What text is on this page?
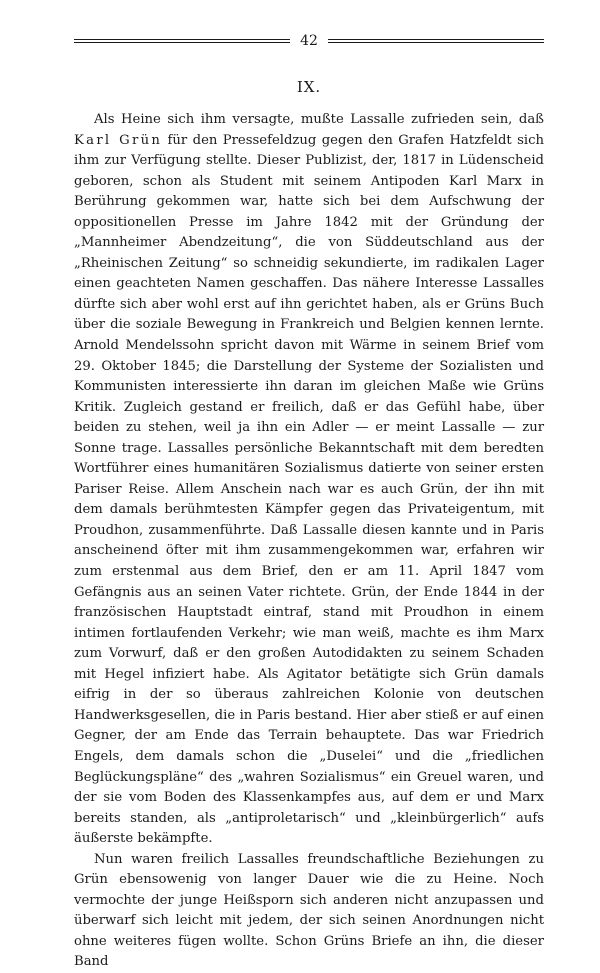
42
IX.

Als Heine sich ihm versagte, mußte Lassalle zufrieden sein, daß Karl Grün für den Pressefeldzug gegen den Grafen Hatzfeldt sich ihm zur Verfügung stellte. Dieser Publizist, der, 1817 in Lüdenscheid geboren, schon als Student mit seinem Antipoden Karl Marx in Berührung gekommen war, hatte sich bei dem Aufschwung der oppositionellen Presse im Jahre 1842 mit der Gründung der „Mannheimer Abendzeitung“, die von Süddeutschland aus der „Rheinischen Zeitung“ so schneidig sekundierte, im radikalen Lager einen geachteten Namen geschaffen. Das nähere Interesse Lassalles dürfte sich aber wohl erst auf ihn gerichtet haben, als er Grüns Buch über die soziale Bewegung in Frankreich und Belgien kennen lernte. Arnold Mendelssohn spricht davon mit Wärme in seinem Brief vom 29. Oktober 1845; die Darstellung der Systeme der Sozialisten und Kommunisten interessierte ihn daran im gleichen Maße wie Grüns Kritik. Zugleich gestand er freilich, daß er das Gefühl habe, über beiden zu stehen, weil ja ihn ein Adler — er meint Lassalle — zur Sonne trage. Lassalles persönliche Bekanntschaft mit dem beredten Wortführer eines humanitären Sozialismus datierte von seiner ersten Pariser Reise. Allem Anschein nach war es auch Grün, der ihn mit dem damals berühmtesten Kämpfer gegen das Privateigentum, mit Proudhon, zusammenführte. Daß Lassalle diesen kannte und in Paris anscheinend öfter mit ihm zusammengekommen war, erfahren wir zum erstenmal aus dem Brief, den er am 11. April 1847 vom Gefängnis aus an seinen Vater richtete. Grün, der Ende 1844 in der französischen Hauptstadt eintraf, stand mit Proudhon in einem intimen fortlaufenden Verkehr; wie man weiß, machte es ihm Marx zum Vorwurf, daß er den großen Autodidakten zu seinem Schaden mit Hegel infiziert habe. Als Agitator betätigte sich Grün damals eifrig in der so überaus zahlreichen Kolonie von deutschen Handwerksgesellen, die in Paris bestand. Hier aber stieß er auf einen Gegner, der am Ende das Terrain behauptete. Das war Friedrich Engels, dem damals schon die „Duselei“ und die „friedlichen Beglückungspläne“ des „wahren Sozialismus“ ein Greuel waren, und der sie vom Boden des Klassenkampfes aus, auf dem er und Marx bereits standen, als „antiproletarisch“ und „kleinbürgerlich“ aufs äußerste bekämpfte.

Nun waren freilich Lassalles freundschaftliche Beziehungen zu Grün ebensowenig von langer Dauer wie die zu Heine. Noch vermochte der junge Heißsporn sich anderen nicht anzupassen und überwarf sich leicht mit jedem, der sich seinen Anordnungen nicht ohne weiteres fügen wollte. Schon Grüns Briefe an ihn, die dieser Band
